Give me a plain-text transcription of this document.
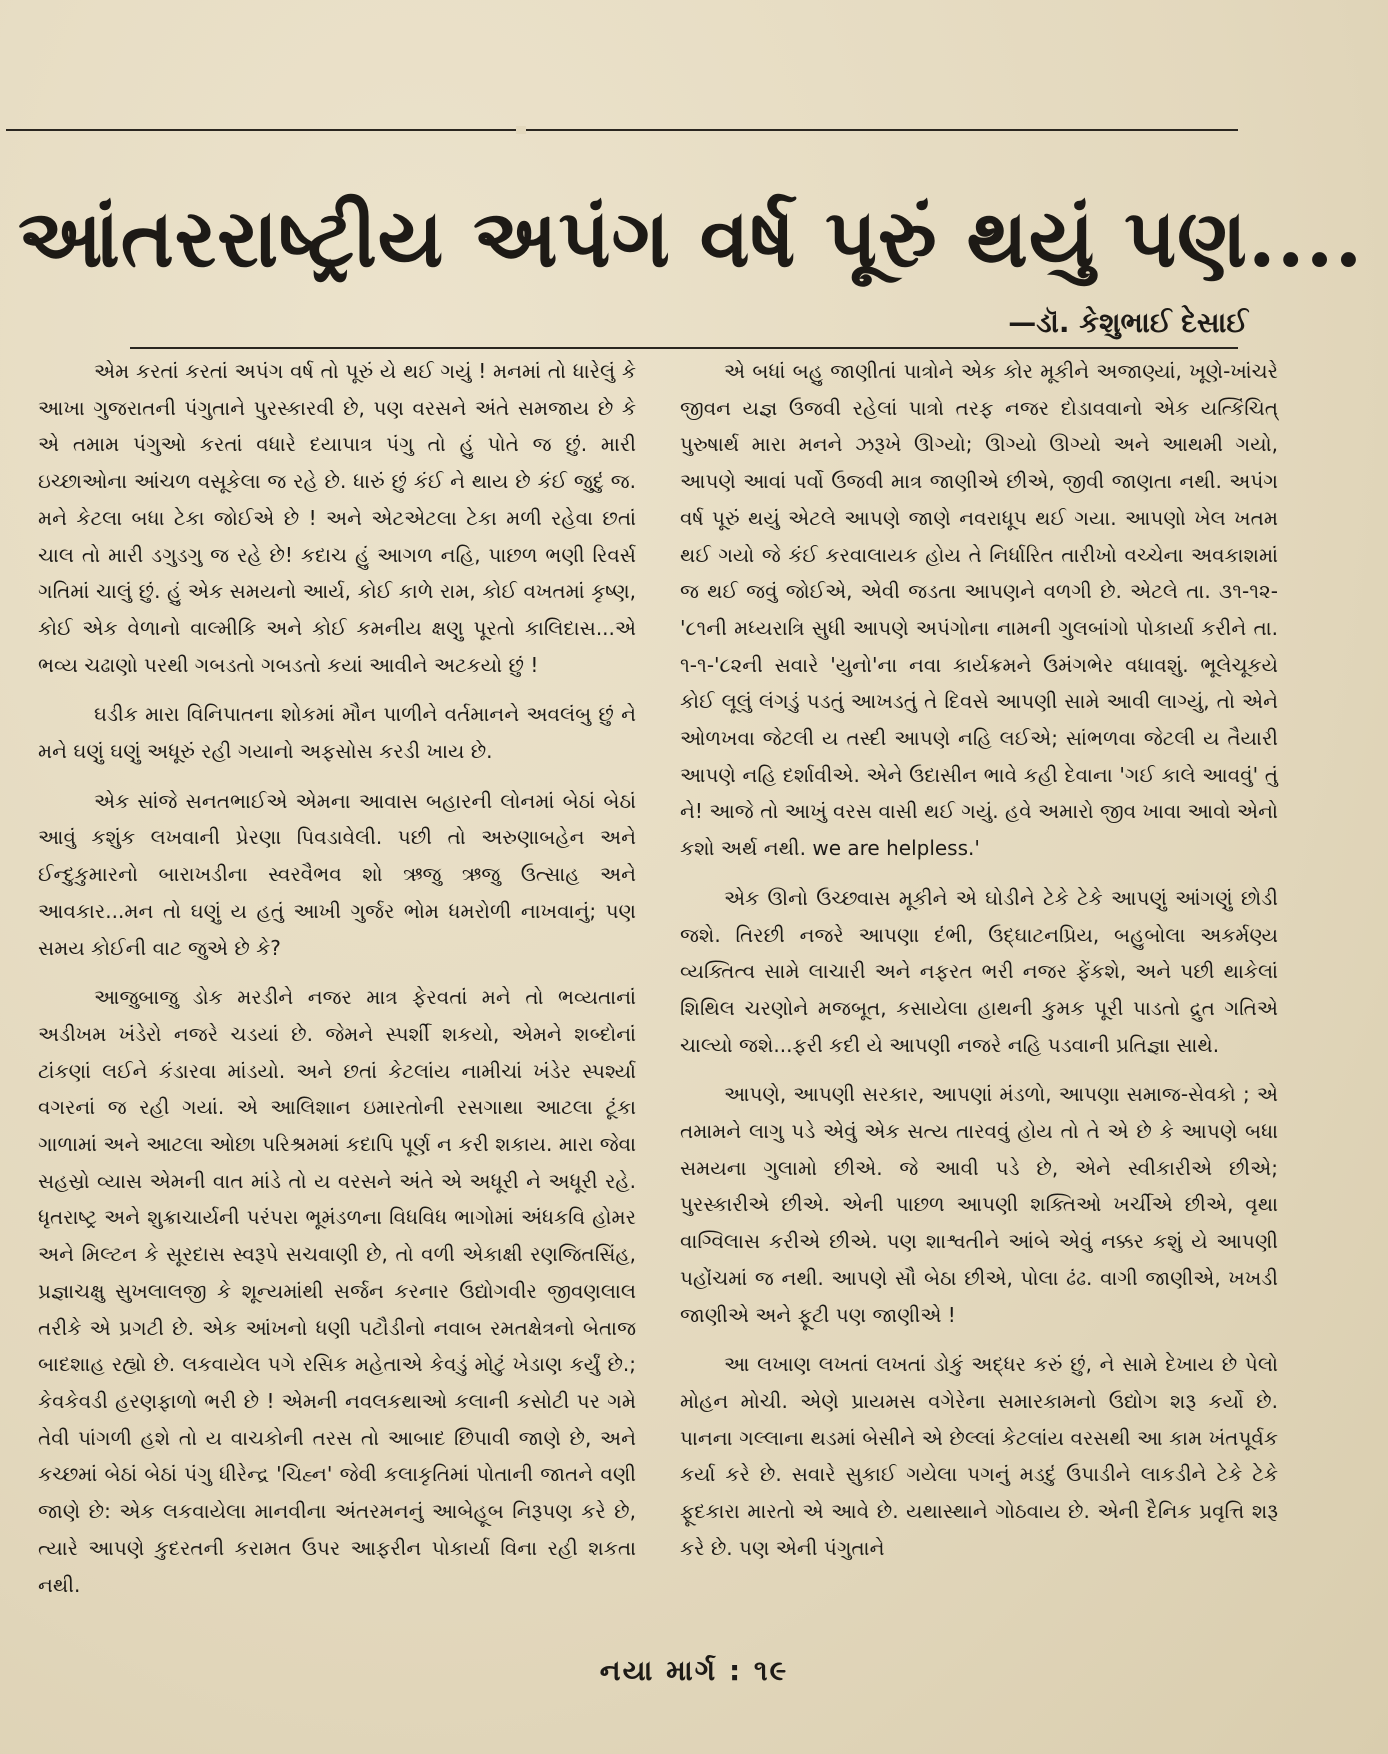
આંતરરાષ્ટ્રીય અપંગ વર્ષ પૂરું થયું પણ....
—ડૉ. કેશુભાઈ દેસાઈ

એમ કરતાં કરતાં અપંગ વર્ષ તો પૂરું યે થઈ ગયું ! મનમાં તો ધારેલું કે આખા ગુજરાતની પંગુતાને પુરસ્કારવી છે, પણ વરસને અંતે સમજાય છે કે એ તમામ પંગુઓ કરતાં વધારે દયાપાત્ર પંગુ તો હું પોતે જ છું. મારી ઇચ્છાઓના આંચળ વસૂકેલા જ રહે છે. ધારું છું કંઈ ને થાય છે કંઈ જુદું જ. મને કેટલા બધા ટેકા જોઈએ છે ! અને એટએટલા ટેકા મળી રહેવા છતાં ચાલ તો મારી ડગુડગુ જ રહે છે! કદાચ હું આગળ નહિ, પાછળ ભણી રિવર્સ ગતિમાં ચાલું છું. હું એક સમયનો આર્ય, કોઈ કાળે રામ, કોઈ વખતમાં કૃષ્ણ, કોઈ એક વેળાનો વાલ્મીકિ અને કોઈ કમનીય ક્ષણુ પૂરતો કાલિદાસ...એ ભવ્ય ચઢાણો પરથી ગબડતો ગબડતો કયાં આવીને અટકયો છું !

ઘડીક મારા વિનિપાતના શોકમાં મૌન પાળીને વર્તમાનને અવલંબુ છું ને મને ઘણું ઘણું અધૂરું રહી ગયાનો અફસોસ કરડી ખાય છે.

એક સાંજે સનતભાઈએ એમના આવાસ બહારની લોનમાં બેઠાં બેઠાં આવું કશુંક લખવાની પ્રેરણા પિવડાવેલી. પછી તો અરુણાબહેન અને ઈન્દુકુમારનો બારાખડીના સ્વરવૈભવ શો ઋજુ ઋજુ ઉત્સાહ અને આવકાર...મન તો ઘણું ય હતું આખી ગુર્જર ભોમ ધમરોળી નાખવાનું; પણ સમય કોઈની વાટ જુએ છે કે?

આજુબાજુ ડોક મરડીને નજર માત્ર ફેરવતાં મને તો ભવ્યતાનાં અડીખમ ખંડેરો નજરે ચડયાં છે. જેમને સ્પર્શી શકયો, એમને શબ્દોનાં ટાંકણાં લઈને કંડારવા માંડયો. અને છતાં કેટલાંય નામીચાં ખંડેર સ્પર્શ્યા વગરનાં જ રહી ગયાં. એ આલિશાન ઇમારતોની રસગાથા આટલા ટૂંકા ગાળામાં અને આટલા ઓછા પરિશ્રમમાં કદાપિ પૂર્ણ ન કરી શકાય. મારા જેવા સહસ્રો વ્યાસ એમની વાત માંડે તો ય વરસને અંતે એ અધૂરી ને અધૂરી રહે. ધૃતરાષ્ટ્ર અને શુક્રાચાર્યની પરંપરા ભૂમંડળના વિધવિધ ભાગોમાં અંધકવિ હોમર અને મિલ્ટન કે સૂરદાસ સ્વરૂપે સચવાણી છે, તો વળી એકાક્ષી રણજિતસિંહ, પ્રજ્ઞાચક્ષુ સુખલાલજી કે શૂન્યમાંથી સર્જન કરનાર ઉદ્યોગવીર જીવણલાલ તરીકે એ પ્રગટી છે. એક આંખનો ધણી પટૌડીનો નવાબ રમતક્ષેત્રનો બેતાજ બાદશાહ રહ્યો છે. લકવાયેલ પગે રસિક મહેતાએ કેવડું મોટું ખેડાણ કર્યું છે.; કેવકેવડી હરણફાળો ભરી છે ! એમની નવલકથાઓ કલાની કસોટી પર ગમે તેવી પાંગળી હશે તો ય વાચકોની તરસ તો આબાદ છિપાવી જાણે છે, અને કચ્છમાં બેઠાં બેઠાં પંગુ ધીરેન્દ્ર 'ચિહ્ન' જેવી કલાકૃતિમાં પોતાની જાતને વણી જાણે છે: એક લકવાયેલા માનવીના અંતરમનનું આબેહૂબ નિરૂપણ કરે છે, ત્યારે આપણે કુદરતની કરામત ઉપર આફરીન પોકાર્યા વિના રહી શકતા નથી.

એ બધાં બહુ જાણીતાં પાત્રોને એક કોર મૂકીને અજાણ્યાં, ખૂણે-ખાંચરે જીવન યજ્ઞ ઉજવી રહેલાં પાત્રો તરફ નજર દોડાવવાનો એક યત્કિંચિત્ પુરુષાર્થ મારા મનને ઝરૂખે ઊગ્યો; ઊગ્યો ઊગ્યો અને આથમી ગયો, આપણે આવાં પર્વો ઉજવી માત્ર જાણીએ છીએ, જીવી જાણતા નથી. અપંગ વર્ષ પૂરું થયું એટલે આપણે જાણે નવરાધૂપ થઈ ગયા. આપણો ખેલ ખતમ થઈ ગયો જે કંઈ કરવાલાયક હોય તે નિર્ધારિત તારીખો વચ્ચેના અવકાશમાં જ થઈ જવું જોઈએ, એવી જડતા આપણને વળગી છે. એટલે તા. ૩૧-૧૨-'૮૧ની મધ્યરાત્રિ સુધી આપણે અપંગોના નામની ગુલબાંગો પોકાર્યા કરીને તા. ૧-૧-'૮૨ની સવારે 'યુનો'ના નવા કાર્યક્રમને ઉમંગભેર વધાવશું. ભૂલેચૂકયે કોઈ લૂલું લંગડું પડતું આખડતું તે દિવસે આપણી સામે આવી લાગ્યું, તો એને ઓળખવા જેટલી ય તસ્દી આપણે નહિ લઈએ; સાંભળવા જેટલી ય તૈયારી આપણે નહિ દર્શાવીએ. એને ઉદાસીન ભાવે કહી દેવાના 'ગઈ કાલે આવવું' તું ને! આજે તો આખું વરસ વાસી થઈ ગયું. હવે અમારો જીવ ખાવા આવો એનો કશો અર્થ નથી. we are helpless.'

એક ઊનો ઉચ્છ્વાસ મૂકીને એ ઘોડીને ટેકે ટેકે આપણું આંગણું છોડી જશે. તિરછી નજરે આપણા દંભી, ઉદ્ઘાટનપ્રિય, બહુબોલા અકર્મણ્ય વ્યક્તિત્વ સામે લાચારી અને નફરત ભરી નજર ફેંકશે, અને પછી થાકેલાં શિથિલ ચરણોને મજબૂત, કસાયેલા હાથની કુમક પૂરી પાડતો દ્રુત ગતિએ ચાલ્યો જશે...ફરી કદી યે આપણી નજરે નહિ પડવાની પ્રતિજ્ઞા સાથે.

આપણે, આપણી સરકાર, આપણાં મંડળો, આપણા સમાજ-સેવકો ; એ તમામને લાગુ પડે એવું એક સત્ય તારવવું હોય તો તે એ છે કે આપણે બધા સમયના ગુલામો છીએ. જે આવી પડે છે, એને સ્વીકારીએ છીએ; પુરસ્કારીએ છીએ. એની પાછળ આપણી શક્તિઓ ખર્ચીએ છીએ, વૃથા વાગ્વિલાસ કરીએ છીએ. પણ શાશ્વતીને આંબે એવું નક્કર કશું યે આપણી પહોંચમાં જ નથી. આપણે સૌ બેઠા છીએ, પોલા ઢંઢ. વાગી જાણીએ, ખખડી જાણીએ અને ફૂટી પણ જાણીએ !

આ લખાણ લખતાં લખતાં ડોકું અદ્ધર કરું છું, ને સામે દેખાય છે પેલો મોહન મોચી. એણે પ્રાયમસ વગેરેના સમારકામનો ઉદ્યોગ શરૂ કર્યો છે. પાનના ગલ્લાના થડમાં બેસીને એ છેલ્લાં કેટલાંય વરસથી આ કામ ખંતપૂર્વક કર્યા કરે છે. સવારે સુકાઈ ગયેલા પગનું મડદું ઉપાડીને લાકડીને ટેકે ટેકે ફૂદકારા મારતો એ આવે છે. યથાસ્થાને ગોઠવાય છે. એની દૈનિક પ્રવૃત્તિ શરૂ કરે છે. પણ એની પંગુતાને

નયા માર્ગ : ૧૯
